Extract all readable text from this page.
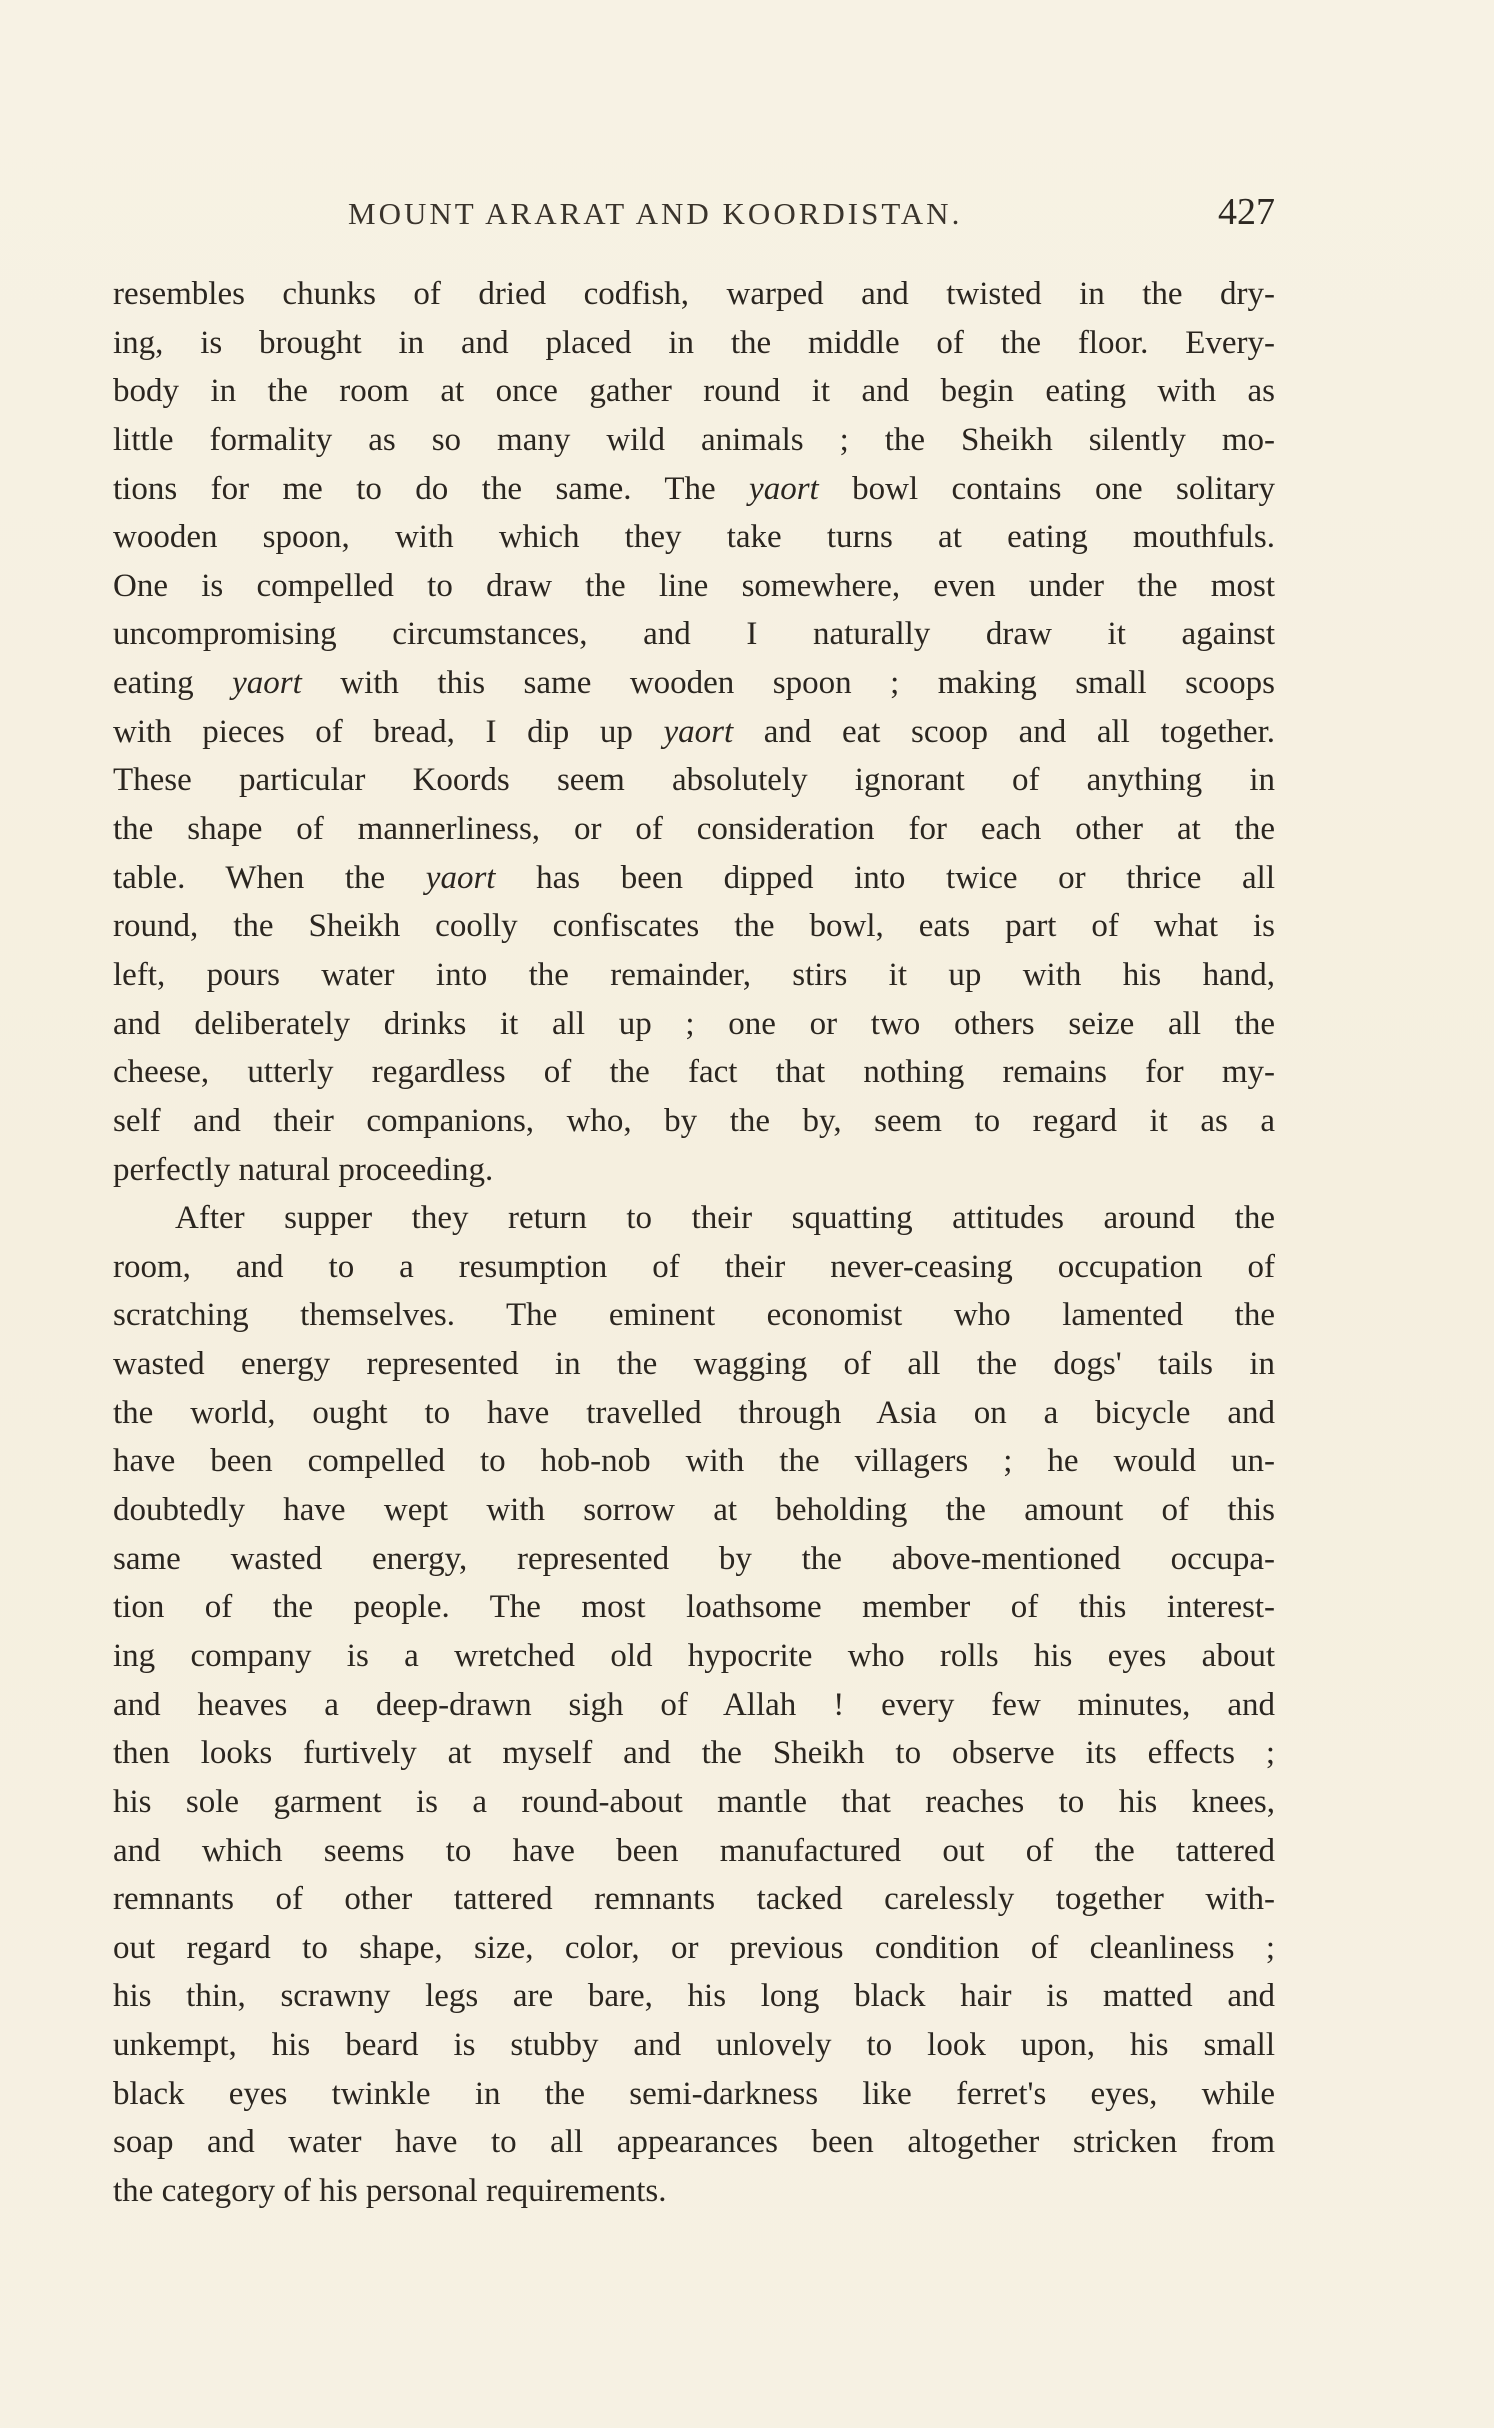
MOUNT ARARAT AND KOORDISTAN.	427
resembles chunks of dried codfish, warped and twisted in the dry-
ing, is brought in and placed in the middle of the floor. Every-
body in the room at once gather round it and begin eating with as
little formality as so many wild animals ; the Sheikh silently mo-
tions for me to do the same. The yaort bowl contains one solitary
wooden spoon, with which they take turns at eating mouthfuls.
One is compelled to draw the line somewhere, even under the most
uncompromising circumstances, and I naturally draw it against
eating yaort with this same wooden spoon ; making small scoops
with pieces of bread, I dip up yaort and eat scoop and all together.
These particular Koords seem absolutely ignorant of anything in
the shape of mannerliness, or of consideration for each other at the
table. When the yaort has been dipped into twice or thrice all
round, the Sheikh coolly confiscates the bowl, eats part of what is
left, pours water into the remainder, stirs it up with his hand,
and deliberately drinks it all up ; one or two others seize all the
cheese, utterly regardless of the fact that nothing remains for my-
self and their companions, who, by the by, seem to regard it as a
perfectly natural proceeding.
After supper they return to their squatting attitudes around the
room, and to a resumption of their never-ceasing occupation of
scratching themselves. The eminent economist who lamented the
wasted energy represented in the wagging of all the dogs' tails in
the world, ought to have travelled through Asia on a bicycle and
have been compelled to hob-nob with the villagers ; he would un-
doubtedly have wept with sorrow at beholding the amount of this
same wasted energy, represented by the above-mentioned occupa-
tion of the people. The most loathsome member of this interest-
ing company is a wretched old hypocrite who rolls his eyes about
and heaves a deep-drawn sigh of Allah ! every few minutes, and
then looks furtively at myself and the Sheikh to observe its effects ;
his sole garment is a round-about mantle that reaches to his knees,
and which seems to have been manufactured out of the tattered
remnants of other tattered remnants tacked carelessly together with-
out regard to shape, size, color, or previous condition of cleanliness ;
his thin, scrawny legs are bare, his long black hair is matted and
unkempt, his beard is stubby and unlovely to look upon, his small
black eyes twinkle in the semi-darkness like ferret's eyes, while
soap and water have to all appearances been altogether stricken from
the category of his personal requirements.
